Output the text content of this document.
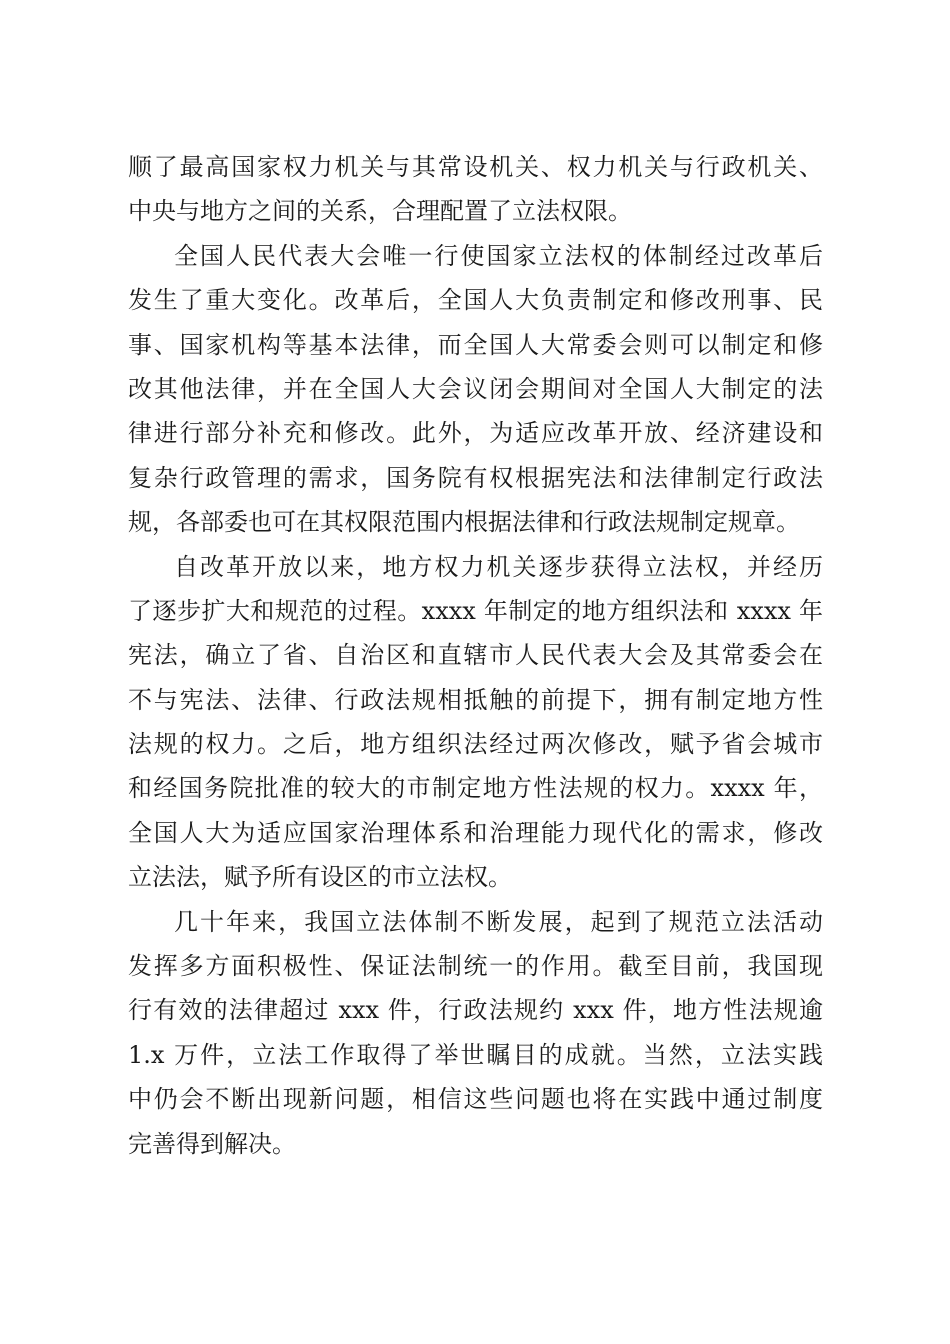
顺了最高国家权力机关与其常设机关、权力机关与行政机关、
中央与地方之间的关系，合理配置了立法权限。
全国人民代表大会唯一行使国家立法权的体制经过改革后
发生了重大变化。改革后，全国人大负责制定和修改刑事、民
事、国家机构等基本法律，而全国人大常委会则可以制定和修
改其他法律，并在全国人大会议闭会期间对全国人大制定的法
律进行部分补充和修改。此外，为适应改革开放、经济建设和
复杂行政管理的需求，国务院有权根据宪法和法律制定行政法
规，各部委也可在其权限范围内根据法律和行政法规制定规章。
自改革开放以来，地方权力机关逐步获得立法权，并经历
了逐步扩大和规范的过程。xxxx 年制定的地方组织法和 xxxx 年
宪法，确立了省、自治区和直辖市人民代表大会及其常委会在
不与宪法、法律、行政法规相抵触的前提下，拥有制定地方性
法规的权力。之后，地方组织法经过两次修改，赋予省会城市
和经国务院批准的较大的市制定地方性法规的权力。xxxx 年，
全国人大为适应国家治理体系和治理能力现代化的需求，修改
立法法，赋予所有设区的市立法权。
几十年来，我国立法体制不断发展，起到了规范立法活动
发挥多方面积极性、保证法制统一的作用。截至目前，我国现
行有效的法律超过 xxx 件，行政法规约 xxx 件，地方性法规逾
1.x 万件，立法工作取得了举世瞩目的成就。当然，立法实践
中仍会不断出现新问题，相信这些问题也将在实践中通过制度
完善得到解决。
